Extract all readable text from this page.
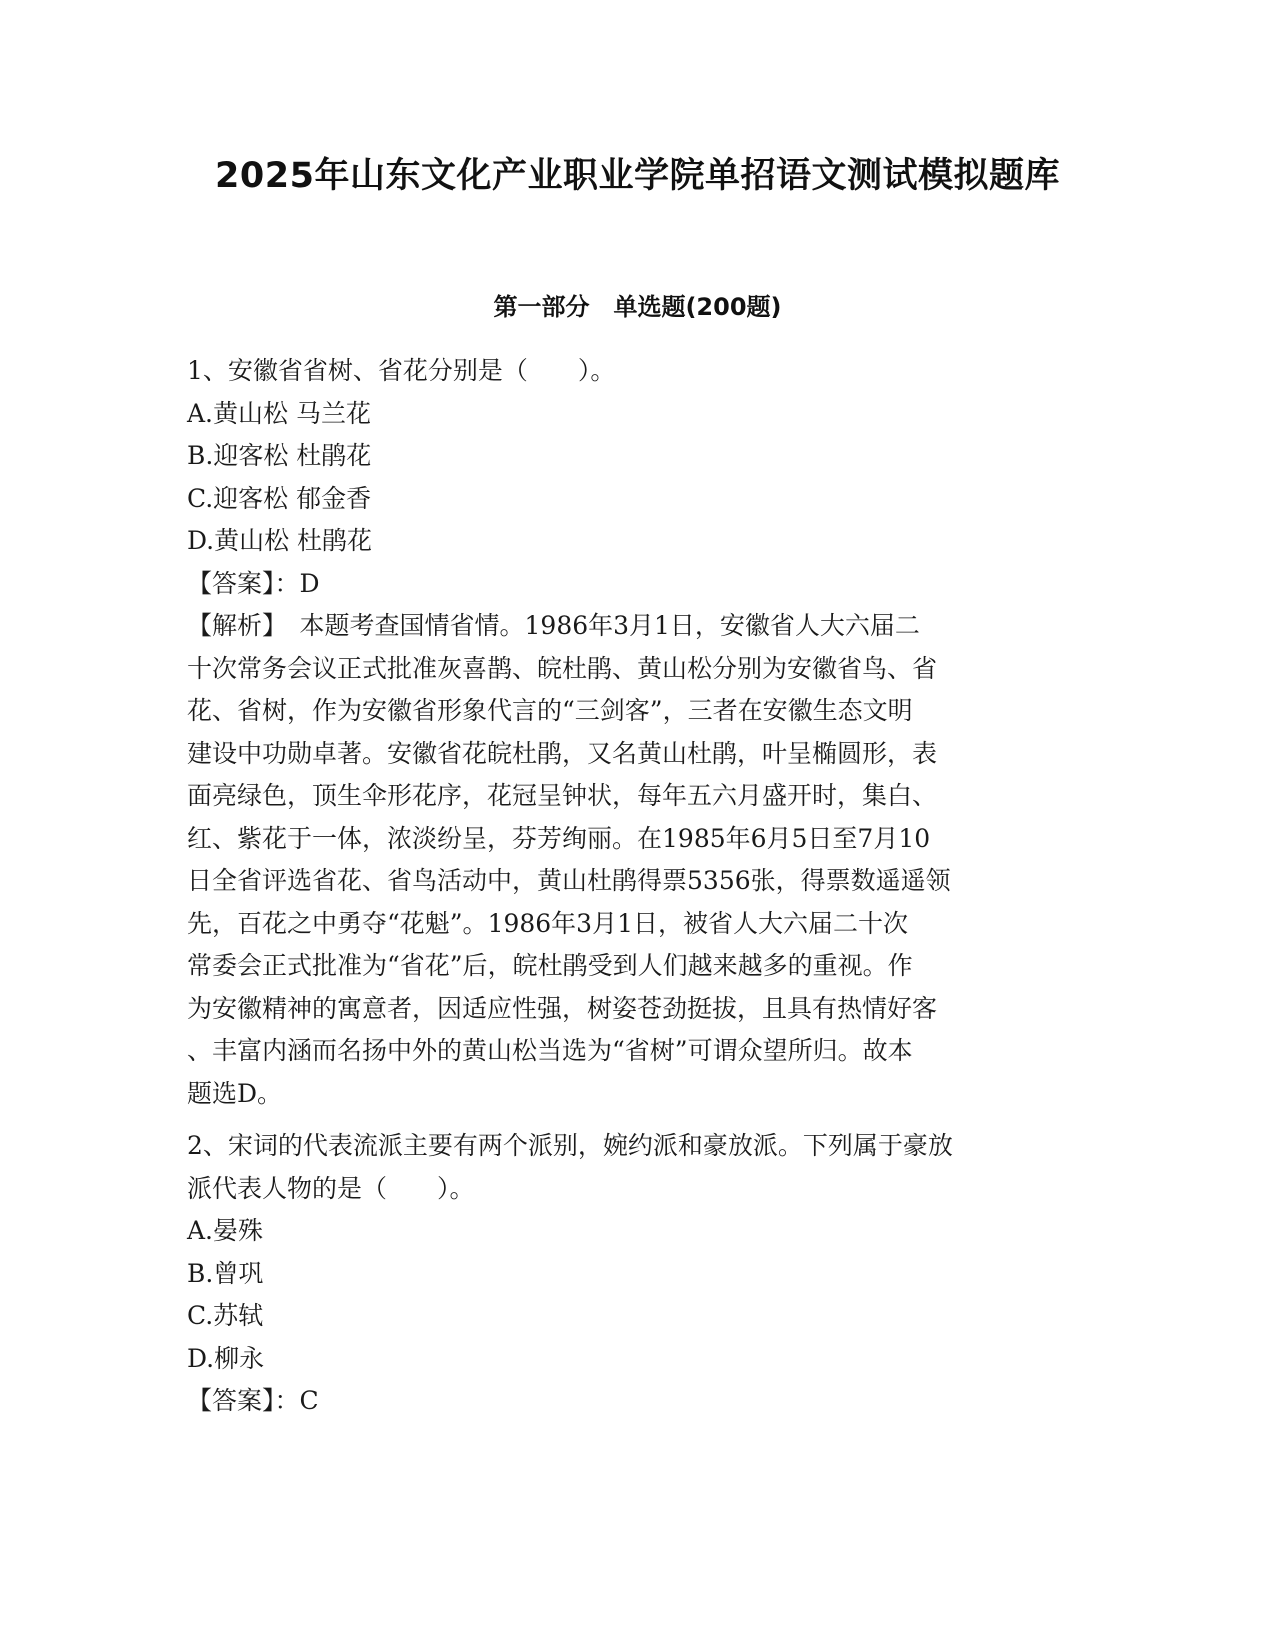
2025年山东文化产业职业学院单招语文测试模拟题库
第一部分　单选题(200题)
1、安徽省省树、省花分别是（　　）。
A.黄山松 马兰花
B.迎客松 杜鹃花
C.迎客松 郁金香
D.黄山松 杜鹃花
【答案】：D
【解析】　本题考查国情省情。1986年3月1日，安徽省人大六届二
十次常务会议正式批准灰喜鹊、皖杜鹃、黄山松分别为安徽省鸟、省
花、省树，作为安徽省形象代言的“三剑客”，三者在安徽生态文明
建设中功勋卓著。安徽省花皖杜鹃，又名黄山杜鹃，叶呈椭圆形，表
面亮绿色，顶生伞形花序，花冠呈钟状，每年五六月盛开时，集白、
红、紫花于一体，浓淡纷呈，芬芳绚丽。在1985年6月5日至7月10
日全省评选省花、省鸟活动中，黄山杜鹃得票5356张，得票数遥遥领
先，百花之中勇夺“花魁”。1986年3月1日，被省人大六届二十次
常委会正式批准为“省花”后，皖杜鹃受到人们越来越多的重视。作
为安徽精神的寓意者，因适应性强，树姿苍劲挺拔，且具有热情好客
、丰富内涵而名扬中外的黄山松当选为“省树”可谓众望所归。故本
题选D。
2、宋词的代表流派主要有两个派别，婉约派和豪放派。下列属于豪放
派代表人物的是（　　）。
A.晏殊
B.曾巩
C.苏轼
D.柳永
【答案】：C
